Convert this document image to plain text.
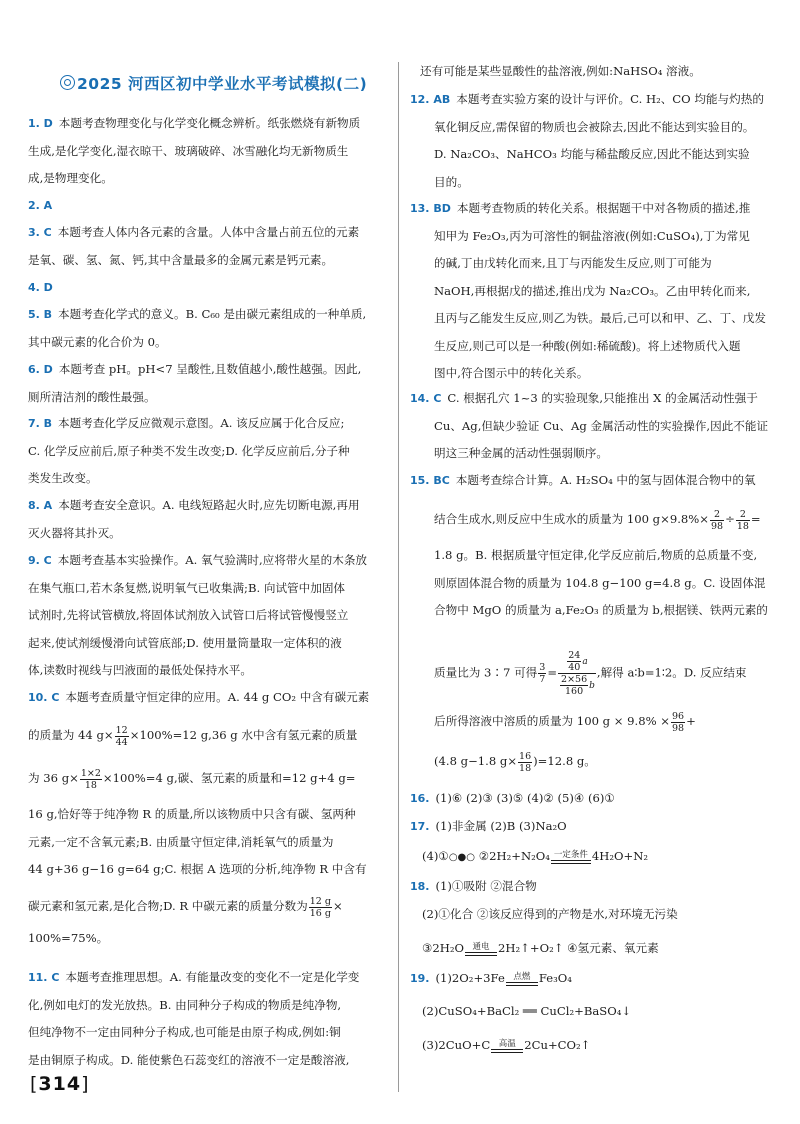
2025 河西区初中学业水平考试模拟(二)
1. D 本题考查物理变化与化学变化概念辨析。纸张燃烧有新物质
生成,是化学变化,湿衣晾干、玻璃破碎、冰雪融化均无新物质生
成,是物理变化。
2. A
3. C 本题考查人体内各元素的含量。人体中含量占前五位的元素
是氧、碳、氢、氮、钙,其中含量最多的金属元素是钙元素。
4. D
5. B 本题考查化学式的意义。B. C₆₀ 是由碳元素组成的一种单质,
其中碳元素的化合价为 0。
6. D 本题考查 pH。pH<7 呈酸性,且数值越小,酸性越强。因此,
厕所清洁剂的酸性最强。
7. B 本题考查化学反应微观示意图。A. 该反应属于化合反应;
C. 化学反应前后,原子种类不发生改变;D. 化学反应前后,分子种
类发生改变。
8. A 本题考查安全意识。A. 电线短路起火时,应先切断电源,再用
灭火器将其扑灭。
9. C 本题考查基本实验操作。A. 氧气验满时,应将带火星的木条放
在集气瓶口,若木条复燃,说明氧气已收集满;B. 向试管中加固体
试剂时,先将试管横放,将固体试剂放入试管口后将试管慢慢竖立
起来,使试剂缓慢滑向试管底部;D. 使用量筒量取一定体积的液
体,读数时视线与凹液面的最低处保持水平。
10. C 本题考查质量守恒定律的应用。A. 44 g CO₂ 中含有碳元素
的质量为 44 $g\times \frac{12}{44} \times 100\%=12$ g,36 g 水中含有氢元素的质量
为 36 $g\times \frac{1\times 2}{18} \times 100\%=4$ g,碳、氢元素的质量和=12 g+4 g=
16 g,恰好等于纯净物 R 的质量,所以该物质中只含有碳、氢两种
元素,一定不含氧元素;B. 由质量守恒定律,消耗氧气的质量为
44 g+36 g−16 g=64 g;C. 根据 A 选项的分析,纯净物 R 中含有
碳元素和氢元素,是化合物;D. R 中碳元素的质量分数为 $\frac{12 g}{16 g}$ ×
100%=75%。
11. C 本题考查推理思想。A. 有能量改变的变化不一定是化学变
化,例如电灯的发光放热。B. 由同种分子构成的物质是纯净物,
但纯净物不一定由同种分子构成,也可能是由原子构成,例如:铜
是由铜原子构成。D. 能使紫色石蕊变红的溶液不一定是酸溶液,
还有可能是某些显酸性的盐溶液,例如:NaHSO₄ 溶液。
12. AB 本题考查实验方案的设计与评价。C. H₂、CO 均能与灼热的
氧化铜反应,需保留的物质也会被除去,因此不能达到实验目的。
D. Na₂CO₃、NaHCO₃ 均能与稀盐酸反应,因此不能达到实验
目的。
13. BD 本题考查物质的转化关系。根据题干中对各物质的描述,推
知甲为 Fe₂O₃,丙为可溶性的铜盐溶液(例如:CuSO₄),丁为常见
的碱,丁由戊转化而来,且丁与丙能发生反应,则丁可能为
NaOH,再根据戊的描述,推出戊为 Na₂CO₃。乙由甲转化而来,
且丙与乙能发生反应,则乙为铁。最后,己可以和甲、乙、丁、戊发
生反应,则己可以是一种酸(例如:稀硫酸)。将上述物质代入题
图中,符合图示中的转化关系。
14. C C. 根据孔穴 1~3 的实验现象,只能推出 X 的金属活动性强于
Cu、Ag,但缺少验证 Cu、Ag 金属活动性的实验操作,因此不能证
明这三种金属的活动性强弱顺序。
15. BC 本题考查综合计算。A. H₂SO₄ 中的氢与固体混合物中的氧
结合生成水,则反应中生成水的质量为 100 $g\times 9.8\%\times \frac{2}{98} \div \frac{2}{18}$ =
1.8 g。B. 根据质量守恒定律,化学反应前后,物质的总质量不变,
则原固体混合物的质量为 104.8 g−100 g=4.8 g。C. 设固体混
合物中 MgO 的质量为 a,Fe₂O₃ 的质量为 b,根据镁、铁两元素的
质量比为 3∶7 可得 $\frac{3}{7} = \frac{\frac{24}{40} a}{\frac{2\times 56}{160} b}$ ,解得 a∶b=1∶2。D. 反应结束
后所得溶液中溶质的质量为 100 $g \times 9.8\% \times \frac{96}{98}$ +
(4.8 g−1.8 $g\times \frac{16}{18} )=12.8$ g。
16. (1)⑥ (2)③ (3)⑤ (4)② (5)④ (6)①
17. (1)非金属 (2)B (3)Na₂O
(4)①○●○ ②2H₂+N₂O₄ 一定条件 4H₂O+N₂
18. (1)①吸附 ②混合物
(2)①化合 ②该反应得到的产物是水,对环境无污染
③2H₂O 通电 2H₂↑+O₂↑ ④氢元素、氧元素
19. (1)2O₂+3Fe 点燃 Fe₃O₄
(2)CuSO₄+BaCl₂ ══ CuCl₂+BaSO₄↓
(3)2CuO+C 高温 2Cu+CO₂↑
[314]
